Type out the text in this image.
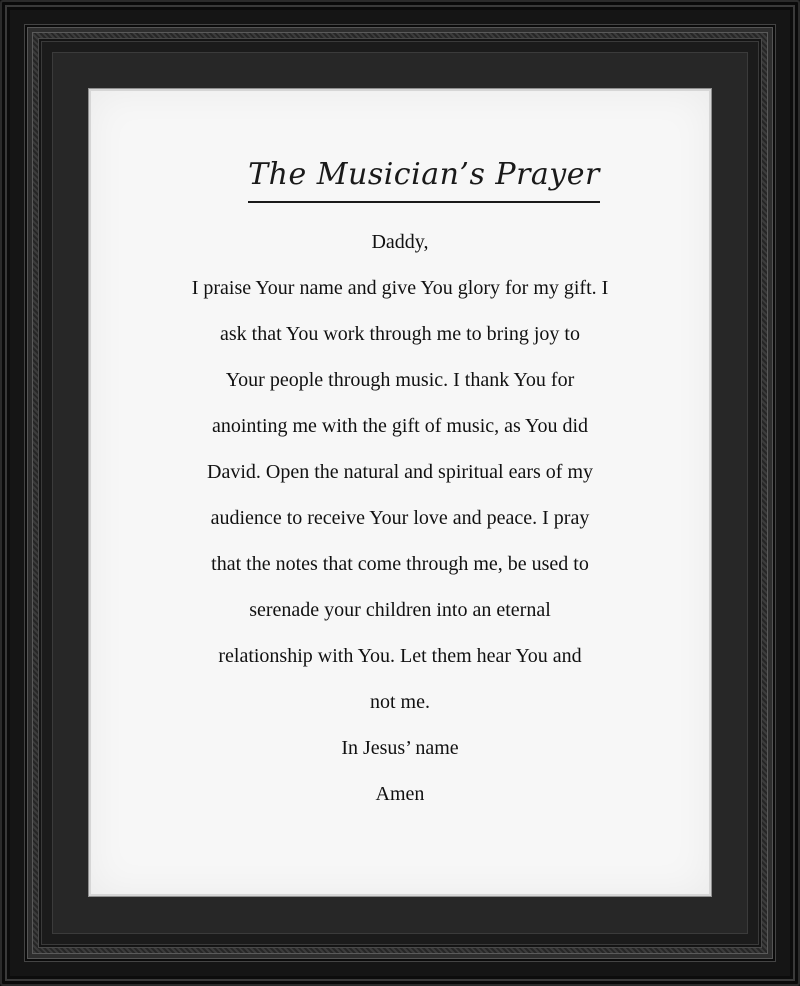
The Musician’s Prayer
Daddy,
I praise Your name and give You glory for my gift. I
ask that You work through me to bring joy to
Your people through music. I thank You for
anointing me with the gift of music, as You did
David. Open the natural and spiritual ears of my
audience to receive Your love and peace. I pray
that the notes that come through me, be used to
serenade your children into an eternal
relationship with You. Let them hear You and
not me.
In Jesus’ name
Amen
